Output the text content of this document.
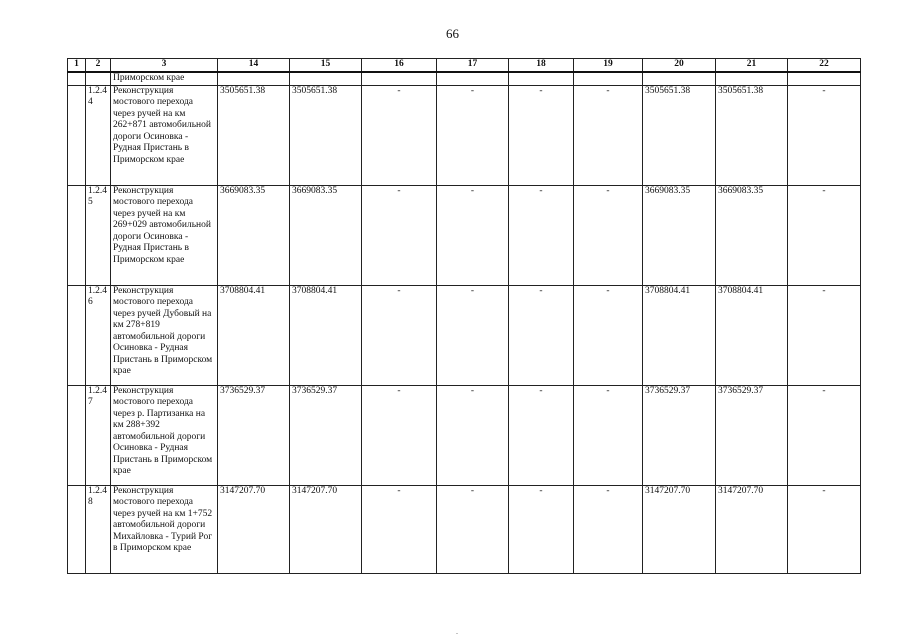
66
1	2	3	14	15	16	17	18	19	20	21	22
		Приморском крае									
	1.2.4 4	Реконструкция мостового перехода через ручей на км 262+871 автомобильной дороги Осиновка - Рудная Пристань в Приморском крае	3505651.38	3505651.38	-	-	-	-	3505651.38	3505651.38	-
	1.2.4 5	Реконструкция мостового перехода через ручей на км 269+029 автомобильной дороги Осиновка - Рудная Пристань в Приморском крае	3669083.35	3669083.35	-	-	-	-	3669083.35	3669083.35	-
	1.2.4 6	Реконструкция мостового перехода через ручей Дубовый на км 278+819 автомобильной дороги Осиновка - Рудная Пристань в Приморском крае	3708804.41	3708804.41	-	-	-	-	3708804.41	3708804.41	-
	1.2.4 7	Реконструкция мостового перехода через р. Партизанка на км 288+392 автомобильной дороги Осиновка - Рудная Пристань в Приморском крае	3736529.37	3736529.37	-	-	-	-	3736529.37	3736529.37	-
	1.2.4 8	Реконструкция мостового перехода через ручей на км 1+752 автомобильной дороги Михайловка - Турий Рог в Приморском крае	3147207.70	3147207.70	-	-	-	-	3147207.70	3147207.70	-
.
